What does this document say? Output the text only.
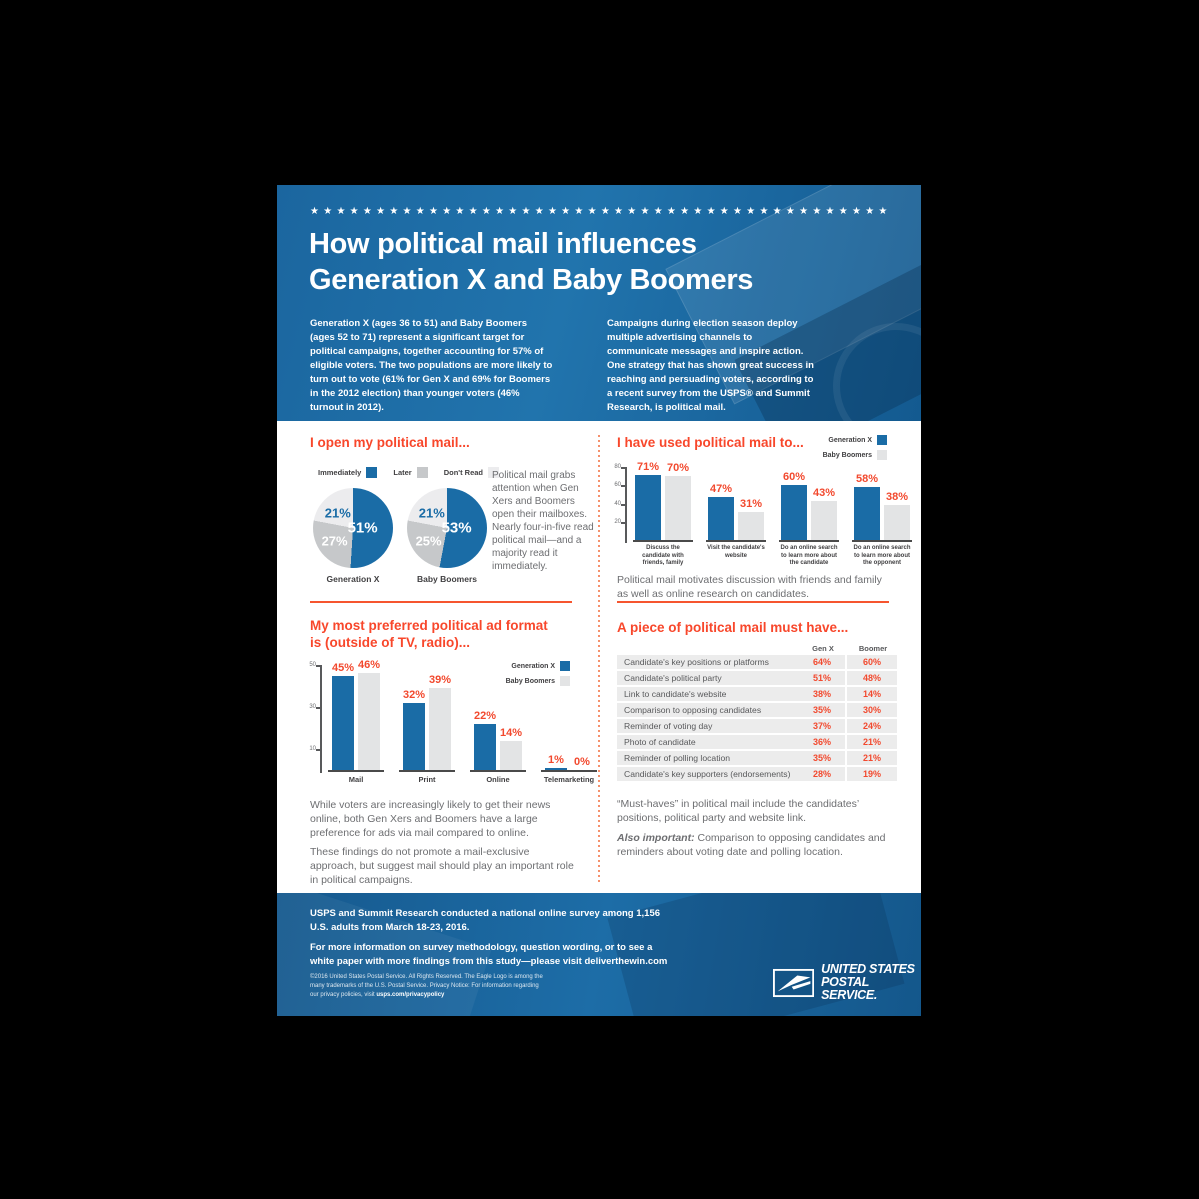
★ ★ ★ ★ ★ ★ ★ ★ ★ ★ ★ ★ ★ ★ ★ ★ ★ ★ ★ ★ ★ ★ ★ ★ ★ ★ ★ ★ ★ ★ ★ ★ ★ ★ ★ ★ ★ ★ ★ ★ ★ ★ ★ ★
How political mail influences
Generation X and Baby Boomers
Generation X (ages 36 to 51) and Baby Boomers (ages 52 to 71) represent a significant target for political campaigns, together accounting for 57% of eligible voters. The two populations are more likely to turn out to vote (61% for Gen X and 69% for Boomers in the 2012 election) than younger voters (46% turnout in 2012).
Campaigns during election season deploy multiple advertising channels to communicate messages and inspire action. One strategy that has shown great success in reaching and persuading voters, according to a recent survey from the USPS® and Summit Research, is political mail.
I open my political mail...
Immediately	Later	Don't Read
51%
27%
21%
Generation X
53%
25%
21%
Baby Boomers
Political mail grabs attention when Gen Xers and Boomers open their mailboxes. Nearly four-in-five read political mail—and a majority read it immediately.
I have used political mail to...	Generation X
Baby Boomers
80
60
40
20
71% 70%
Discuss the candidate with friends, family
47%
31%
Visit the candidate's website
60%
43%
Do an online search to learn more about the candidate
58%
38%
Do an online search to learn more about the opponent
Political mail motivates discussion with friends and family as well as online research on candidates.
My most preferred political ad format
is (outside of TV, radio)...
50
30
10
45% 46%
Mail
32%
39%
Print
22%
14%
Online
1% 0%
Telemarketing
Generation X
Baby Boomers
While voters are increasingly likely to get their news online, both Gen Xers and Boomers have a large preference for ads via mail compared to online.
These findings do not promote a mail-exclusive approach, but suggest mail should play an important role in political campaigns.
A piece of political mail must have...
Gen X	Boomer
Candidate's key positions or platforms	64%	60%
Candidate's political party	51%	48%
Link to candidate's website	38%	14%
Comparison to opposing candidates	35%	30%
Reminder of voting day	37%	24%
Photo of candidate	36%	21%
Reminder of polling location	35%	21%
Candidate's key supporters (endorsements)	28%	19%
“Must-haves” in political mail include the candidates’ positions, political party and website link.
Also important: Comparison to opposing candidates and reminders about voting date and polling location.
USPS and Summit Research conducted a national online survey among 1,156
U.S. adults from March 18-23, 2016.
For more information on survey methodology, question wording, or to see a
white paper with more findings from this study—please visit deliverthewin.com
©2016 United States Postal Service. All Rights Reserved. The Eagle Logo is among the
many trademarks of the U.S. Postal Service. Privacy Notice: For information regarding
our privacy policies, visit usps.com/privacypolicy
UNITED STATES
POSTAL SERVICE.
